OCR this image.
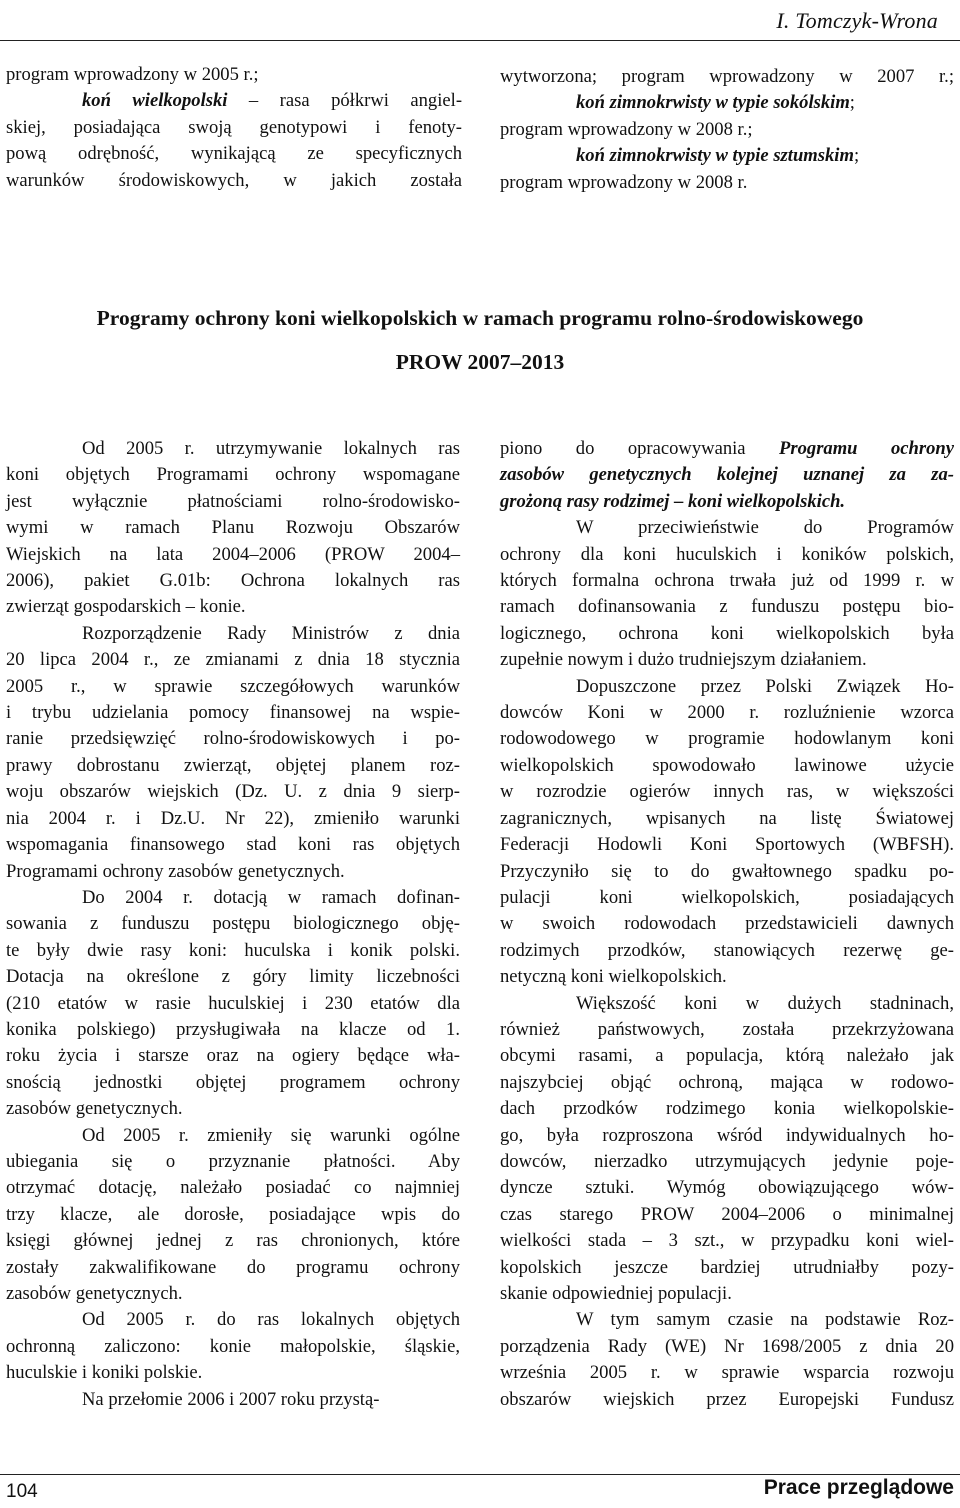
I. Tomczyk-Wrona
program wprowadzony w 2005 r.;
koń wielkopolski – rasa półkrwi angiel-
skiej, posiadająca swoją genotypowi i fenoty-
pową odrębność, wynikającą ze specyficznych
warunków środowiskowych, w jakich została
wytworzona; program wprowadzony w 2007 r.;
koń zimnokrwisty w typie sokólskim;
program wprowadzony w 2008 r.;
koń zimnokrwisty w typie sztumskim;
program wprowadzony w 2008 r.
Programy ochrony koni wielkopolskich w ramach programu rolno-środowiskowego
PROW 2007–2013
Od 2005 r. utrzymywanie lokalnych ras
koni objętych Programami ochrony wspomagane
jest wyłącznie płatnościami rolno-środowisko-
wymi w ramach Planu Rozwoju Obszarów
Wiejskich na lata 2004–2006 (PROW 2004–
2006), pakiet G.01b: Ochrona lokalnych ras
zwierząt gospodarskich – konie.
Rozporządzenie Rady Ministrów z dnia
20 lipca 2004 r., ze zmianami z dnia 18 stycznia
2005 r., w sprawie szczegółowych warunków
i trybu udzielania pomocy finansowej na wspie-
ranie przedsięwzięć rolno-środowiskowych i po-
prawy dobrostanu zwierząt, objętej planem roz-
woju obszarów wiejskich (Dz. U. z dnia 9 sierp-
nia 2004 r. i Dz.U. Nr 22), zmieniło warunki
wspomagania finansowego stad koni ras objętych
Programami ochrony zasobów genetycznych.
Do 2004 r. dotacją w ramach dofinan-
sowania z funduszu postępu biologicznego obję-
te były dwie rasy koni: huculska i konik polski.
Dotacja na określone z góry limity liczebności
(210 etatów w rasie huculskiej i 230 etatów dla
konika polskiego) przysługiwała na klacze od 1.
roku życia i starsze oraz na ogiery będące wła-
snością jednostki objętej programem ochrony
zasobów genetycznych.
Od 2005 r. zmieniły się warunki ogólne
ubiegania się o przyznanie płatności. Aby
otrzymać dotację, należało posiadać co najmniej
trzy klacze, ale dorosłe, posiadające wpis do
księgi głównej jednej z ras chronionych, które
zostały zakwalifikowane do programu ochrony
zasobów genetycznych.
Od 2005 r. do ras lokalnych objętych
ochronną zaliczono: konie małopolskie, śląskie,
huculskie i koniki polskie.
Na przełomie 2006 i 2007 roku przystą-
piono do opracowywania Programu ochrony
zasobów genetycznych kolejnej uznanej za za-
grożoną rasy rodzimej – koni wielkopolskich.
W przeciwieństwie do Programów
ochrony dla koni huculskich i koników polskich,
których formalna ochrona trwała już od 1999 r. w
ramach dofinansowania z funduszu postępu bio-
logicznego, ochrona koni wielkopolskich była
zupełnie nowym i dużo trudniejszym działaniem.
Dopuszczone przez Polski Związek Ho-
dowców Koni w 2000 r. rozluźnienie wzorca
rodowodowego w programie hodowlanym koni
wielkopolskich spowodowało lawinowe użycie
w rozrodzie ogierów innych ras, w większości
zagranicznych, wpisanych na listę Światowej
Federacji Hodowli Koni Sportowych (WBFSH).
Przyczyniło się to do gwałtownego spadku po-
pulacji koni wielkopolskich, posiadających
w swoich rodowodach przedstawicieli dawnych
rodzimych przodków, stanowiących rezerwę ge-
netyczną koni wielkopolskich.
Większość koni w dużych stadninach,
również państwowych, została przekrzyżowana
obcymi rasami, a populacja, którą należało jak
najszybciej objąć ochroną, mająca w rodowo-
dach przodków rodzimego konia wielkopolskie-
go, była rozproszona wśród indywidualnych ho-
dowców, nierzadko utrzymujących jedynie poje-
dyncze sztuki. Wymóg obowiązującego wów-
czas starego PROW 2004–2006 o minimalnej
wielkości stada – 3 szt., w przypadku koni wiel-
kopolskich jeszcze bardziej utrudniałby pozy-
skanie odpowiedniej populacji.
W tym samym czasie na podstawie Roz-
porządzenia Rady (WE) Nr 1698/2005 z dnia 20
września 2005 r. w sprawie wsparcia rozwoju
obszarów wiejskich przez Europejski Fundusz
104	Prace przeglądowe
